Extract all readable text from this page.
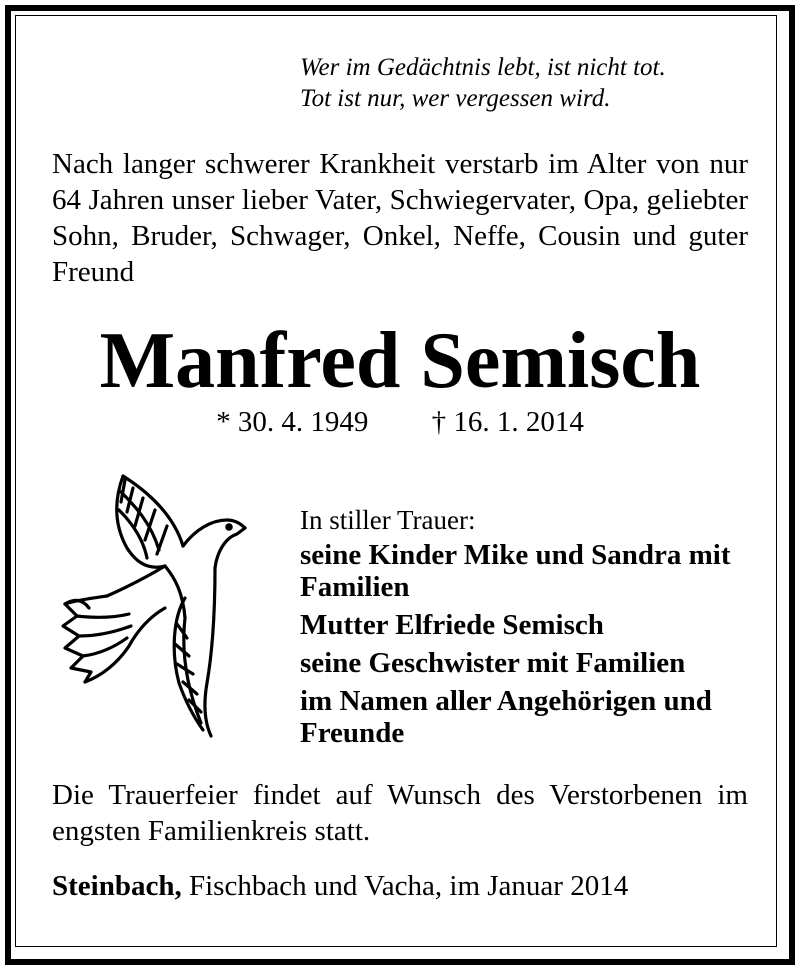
Wer im Gedächtnis lebt, ist nicht tot.
Tot ist nur, wer vergessen wird.
Nach langer schwerer Krankheit verstarb im Alter von nur 64 Jahren unser lieber Vater, Schwiegervater, Opa, geliebter Sohn, Bruder, Schwager, Onkel, Neffe, Cousin und guter Freund
Manfred Semisch
* 30. 4. 1949 † 16. 1. 2014
In stiller Trauer:
seine Kinder Mike und Sandra mit Familien
Mutter Elfriede Semisch
seine Geschwister mit Familien
im Namen aller Angehörigen und Freunde
Die Trauerfeier findet auf Wunsch des Verstorbenen im engsten Familienkreis statt.
Steinbach, Fischbach und Vacha, im Januar 2014
